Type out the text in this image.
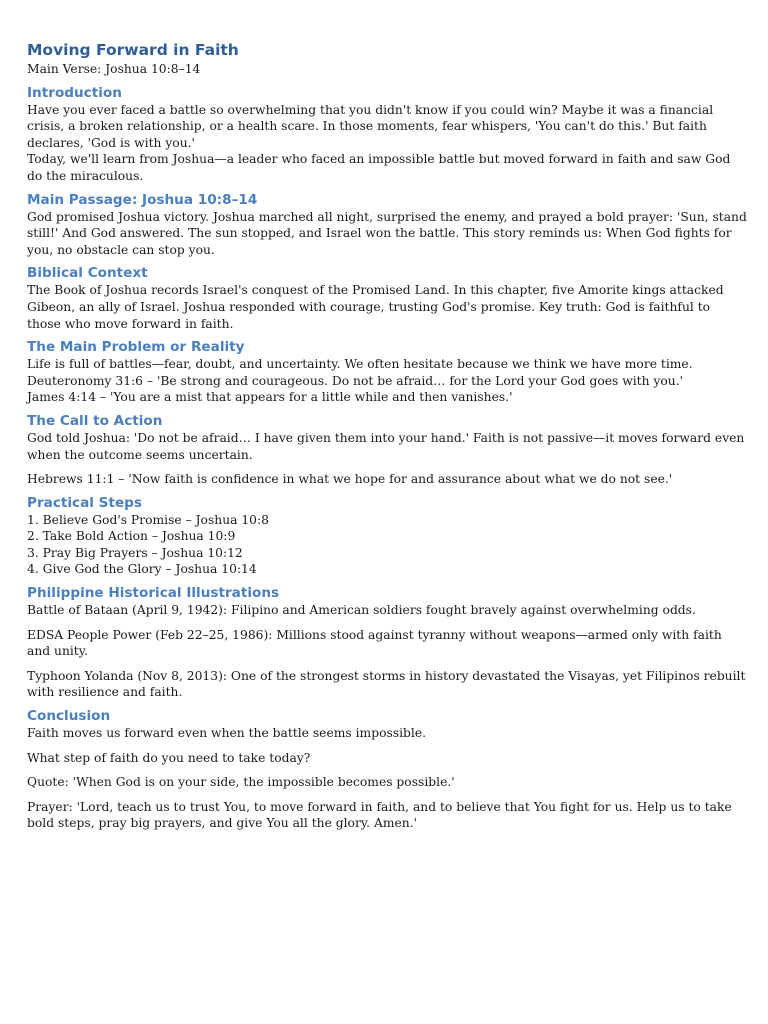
Moving Forward in Faith

Main Verse: Joshua 10:8–14

Introduction

Have you ever faced a battle so overwhelming that you didn't know if you could win? Maybe it was a financial crisis, a broken relationship, or a health scare. In those moments, fear whispers, 'You can't do this.' But faith declares, 'God is with you.'

Today, we'll learn from Joshua—a leader who faced an impossible battle but moved forward in faith and saw God do the miraculous.

Main Passage: Joshua 10:8–14

God promised Joshua victory. Joshua marched all night, surprised the enemy, and prayed a bold prayer: 'Sun, stand still!' And God answered. The sun stopped, and Israel won the battle. This story reminds us: When God fights for you, no obstacle can stop you.

Biblical Context

The Book of Joshua records Israel's conquest of the Promised Land. In this chapter, five Amorite kings attacked Gibeon, an ally of Israel. Joshua responded with courage, trusting God's promise. Key truth: God is faithful to those who move forward in faith.

The Main Problem or Reality

Life is full of battles—fear, doubt, and uncertainty. We often hesitate because we think we have more time.

Deuteronomy 31:6 – 'Be strong and courageous. Do not be afraid… for the Lord your God goes with you.'

James 4:14 – 'You are a mist that appears for a little while and then vanishes.'

The Call to Action

God told Joshua: 'Do not be afraid… I have given them into your hand.' Faith is not passive—it moves forward even when the outcome seems uncertain.

Hebrews 11:1 – 'Now faith is confidence in what we hope for and assurance about what we do not see.'

Practical Steps

1. Believe God's Promise – Joshua 10:8

2. Take Bold Action – Joshua 10:9

3. Pray Big Prayers – Joshua 10:12

4. Give God the Glory – Joshua 10:14

Philippine Historical Illustrations

Battle of Bataan (April 9, 1942): Filipino and American soldiers fought bravely against overwhelming odds.

EDSA People Power (Feb 22–25, 1986): Millions stood against tyranny without weapons—armed only with faith and unity.

Typhoon Yolanda (Nov 8, 2013): One of the strongest storms in history devastated the Visayas, yet Filipinos rebuilt with resilience and faith.

Conclusion

Faith moves us forward even when the battle seems impossible.

What step of faith do you need to take today?

Quote: 'When God is on your side, the impossible becomes possible.'

Prayer: 'Lord, teach us to trust You, to move forward in faith, and to believe that You fight for us. Help us to take bold steps, pray big prayers, and give You all the glory. Amen.'
